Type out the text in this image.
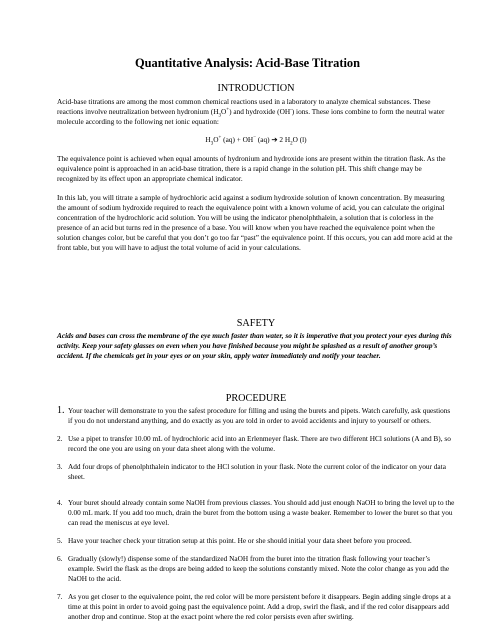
Quantitative Analysis: Acid-Base Titration

INTRODUCTION

Acid-base titrations are among the most common chemical reactions used in a laboratory to analyze chemical substances. These reactions involve neutralization between hydronium $(H_3O^+)$ and hydroxide (OH-) ions. These ions combine to form the neutral water molecule according to the following net ionic equation:

$H_3O^+$ (aq) + OH− (aq) ➔ 2 $H_2O$ (l)

The equivalence point is achieved when equal amounts of hydronium and hydroxide ions are present within the titration flask. As the equivalence point is approached in an acid-base titration, there is a rapid change in the solution pH. This shift change may be recognized by its effect upon an appropriate chemical indicator.

In this lab, you will titrate a sample of hydrochloric acid against a sodium hydroxide solution of known concentration. By measuring the amount of sodium hydroxide required to reach the equivalence point with a known volume of acid, you can calculate the original concentration of the hydrochloric acid solution. You will be using the indicator phenolphthalein, a solution that is colorless in the presence of an acid but turns red in the presence of a base. You will know when you have reached the equivalence point when the solution changes color, but be careful that you don’t go too far “past” the equivalence point. If this occurs, you can add more acid at the front table, but you will have to adjust the total volume of acid in your calculations.

SAFETY

Acids and bases can cross the membrane of the eye much faster than water, so it is imperative that you protect your eyes during this activity. Keep your safety glasses on even when you have finished because you might be splashed as a result of another group’s accident. If the chemicals get in your eyes or on your skin, apply water immediately and notify your teacher.

PROCEDURE

1. Your teacher will demonstrate to you the safest procedure for filling and using the burets and pipets. Watch carefully, ask questions if you do not understand anything, and do exactly as you are told in order to avoid accidents and injury to yourself or others.
2. Use a pipet to transfer 10.00 mL of hydrochloric acid into an Erlenmeyer flask. There are two different HCl solutions (A and B), so record the one you are using on your data sheet along with the volume.
3. Add four drops of phenolphthalein indicator to the HCl solution in your flask. Note the current color of the indicator on your data sheet.
4. Your buret should already contain some NaOH from previous classes. You should add just enough NaOH to bring the level up to the 0.00 mL mark. If you add too much, drain the buret from the bottom using a waste beaker. Remember to lower the buret so that you can read the meniscus at eye level.
5. Have your teacher check your titration setup at this point. He or she should initial your data sheet before you proceed.
6. Gradually (slowly!) dispense some of the standardized NaOH from the buret into the titration flask following your teacher’s example. Swirl the flask as the drops are being added to keep the solutions constantly mixed. Note the color change as you add the NaOH to the acid.
7. As you get closer to the equivalence point, the red color will be more persistent before it disappears. Begin adding single drops at a time at this point in order to avoid going past the equivalence point. Add a drop, swirl the flask, and if the red color disappears add another drop and continue. Stop at the exact point where the red color persists even after swirling.
